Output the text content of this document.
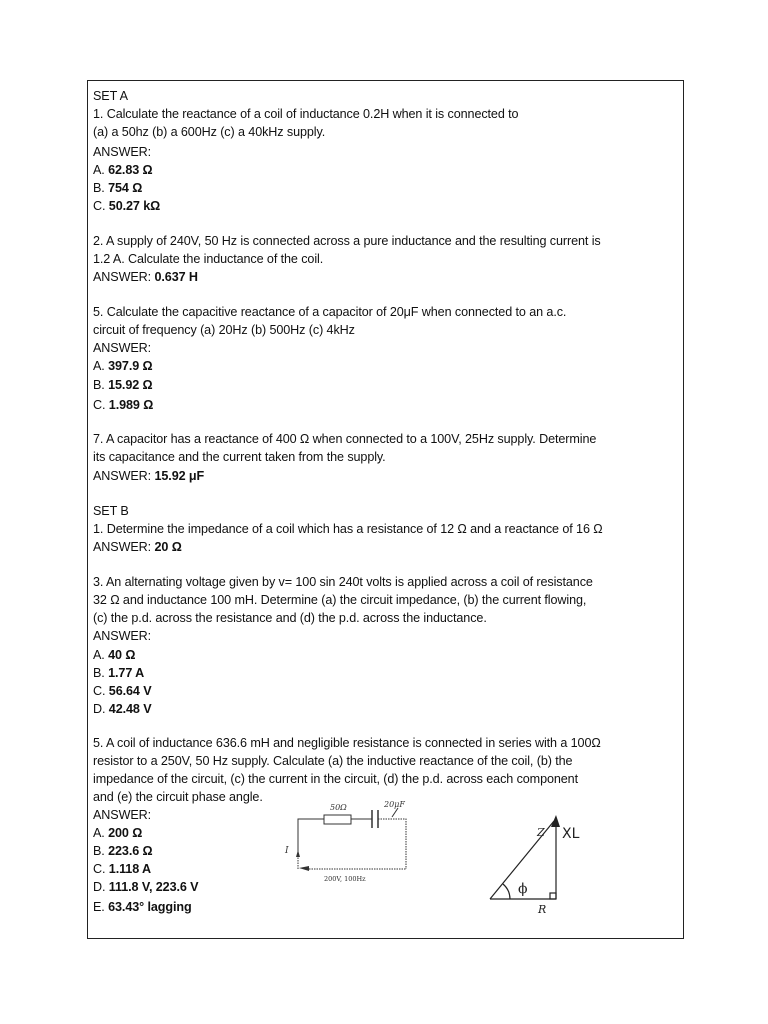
SET A
1. Calculate the reactance of a coil of inductance 0.2H when it is connected to
(a) a 50hz (b) a 600Hz (c) a 40kHz supply.
ANSWER:
A. 62.83 Ω
B. 754 Ω
C. 50.27 kΩ
2. A supply of 240V, 50 Hz is connected across a pure inductance and the resulting current is
1.2 A. Calculate the inductance of the coil.
ANSWER: 0.637 H
5. Calculate the capacitive reactance of a capacitor of 20μF when connected to an a.c.
circuit of frequency (a) 20Hz (b) 500Hz (c) 4kHz
ANSWER:
A. 397.9 Ω
B. 15.92 Ω
C. 1.989 Ω
7. A capacitor has a reactance of 400 Ω when connected to a 100V, 25Hz supply. Determine
its capacitance and the current taken from the supply.
ANSWER: 15.92 μF
SET B
1. Determine the impedance of a coil which has a resistance of 12 Ω and a reactance of 16 Ω
ANSWER: 20 Ω
3. An alternating voltage given by v= 100 sin 240t volts is applied across a coil of resistance
32 Ω and inductance 100 mH. Determine (a) the circuit impedance, (b) the current flowing,
(c) the p.d. across the resistance and (d) the p.d. across the inductance.
ANSWER:
A. 40 Ω
B. 1.77 A
C. 56.64 V
D. 42.48 V
5. A coil of inductance 636.6 mH and negligible resistance is connected in series with a 100Ω
resistor to a 250V, 50 Hz supply. Calculate (a) the inductive reactance of the coil, (b) the
impedance of the circuit, (c) the current in the circuit, (d) the p.d. across each component
and (e) the circuit phase angle.
ANSWER:
A. 200 Ω
B. 223.6 Ω
C. 1.118 A
D. 111.8 V, 223.6 V
E. 63.43° lagging
50Ω	20μF
I
200V, 100Hz
Z XL
ϕ
R
